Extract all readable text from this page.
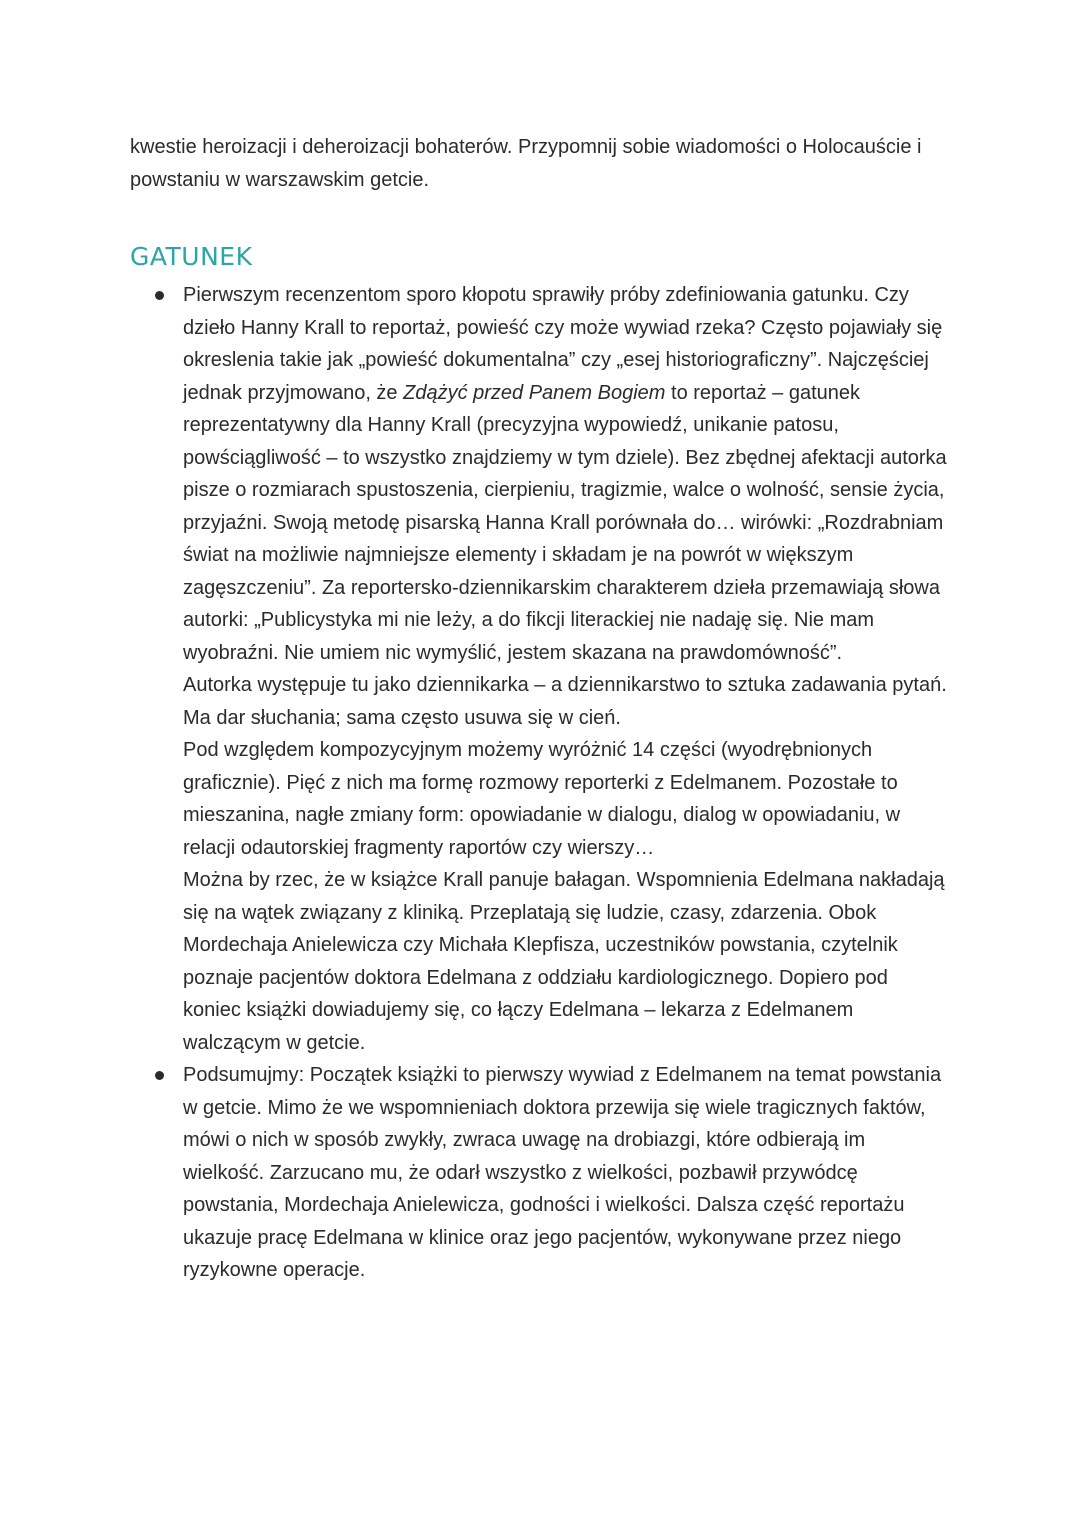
kwestie heroizacji i deheroizacji bohaterów. Przypomnij sobie wiadomości o Holocauście i powstaniu w warszawskim getcie.

GATUNEK
Pierwszym recenzentom sporo kłopotu sprawiły próby zdefiniowania gatunku. Czy dzieło Hanny Krall to reportaż, powieść czy może wywiad rzeka? Często pojawiały się okreslenia takie jak „powieść dokumentalna” czy „esej historiograficzny”. Najczęściej jednak przyjmowano, że Zdążyć przed Panem Bogiem to reportaż – gatunek reprezentatywny dla Hanny Krall (precyzyjna wypowiedź, unikanie patosu, powściągliwość – to wszystko znajdziemy w tym dziele). Bez zbędnej afektacji autorka pisze o rozmiarach spustoszenia, cierpieniu, tragizmie, walce o wolność, sensie życia, przyjaźni. Swoją metodę pisarską Hanna Krall porównała do… wirówki: „Rozdrabniam świat na możliwie najmniejsze elementy i składam je na powrót w większym zagęszczeniu”. Za reportersko-dziennikarskim charakterem dzieła przemawiają słowa autorki: „Publicystyka mi nie leży, a do fikcji literackiej nie nadaję się. Nie mam wyobraźni. Nie umiem nic wymyślić, jestem skazana na prawdomówność”.
Autorka występuje tu jako dziennikarka – a dziennikarstwo to sztuka zadawania pytań. Ma dar słuchania; sama często usuwa się w cień.
Pod względem kompozycyjnym możemy wyróżnić 14 części (wyodrębnionych graficznie). Pięć z nich ma formę rozmowy reporterki z Edelmanem. Pozostałe to mieszanina, nagłe zmiany form: opowiadanie w dialogu, dialog w opowiadaniu, w relacji odautorskiej fragmenty raportów czy wierszy…
Można by rzec, że w książce Krall panuje bałagan. Wspomnienia Edelmana nakładają się na wątek związany z kliniką. Przeplatają się ludzie, czasy, zdarzenia. Obok Mordechaja Anielewicza czy Michała Klepfisza, uczestników powstania, czytelnik poznaje pacjentów doktora Edelmana z oddziału kardiologicznego. Dopiero pod koniec książki dowiadujemy się, co łączy Edelmana – lekarza z Edelmanem walczącym w getcie.
Podsumujmy: Początek książki to pierwszy wywiad z Edelmanem na temat powstania w getcie. Mimo że we wspomnieniach doktora przewija się wiele tragicznych faktów, mówi o nich w sposób zwykły, zwraca uwagę na drobiazgi, które odbierają im wielkość. Zarzucano mu, że odarł wszystko z wielkości, pozbawił przywódcę powstania, Mordechaja Anielewicza, godności i wielkości. Dalsza część reportażu ukazuje pracę Edelmana w klinice oraz jego pacjentów, wykonywane przez niego ryzykowne operacje.
